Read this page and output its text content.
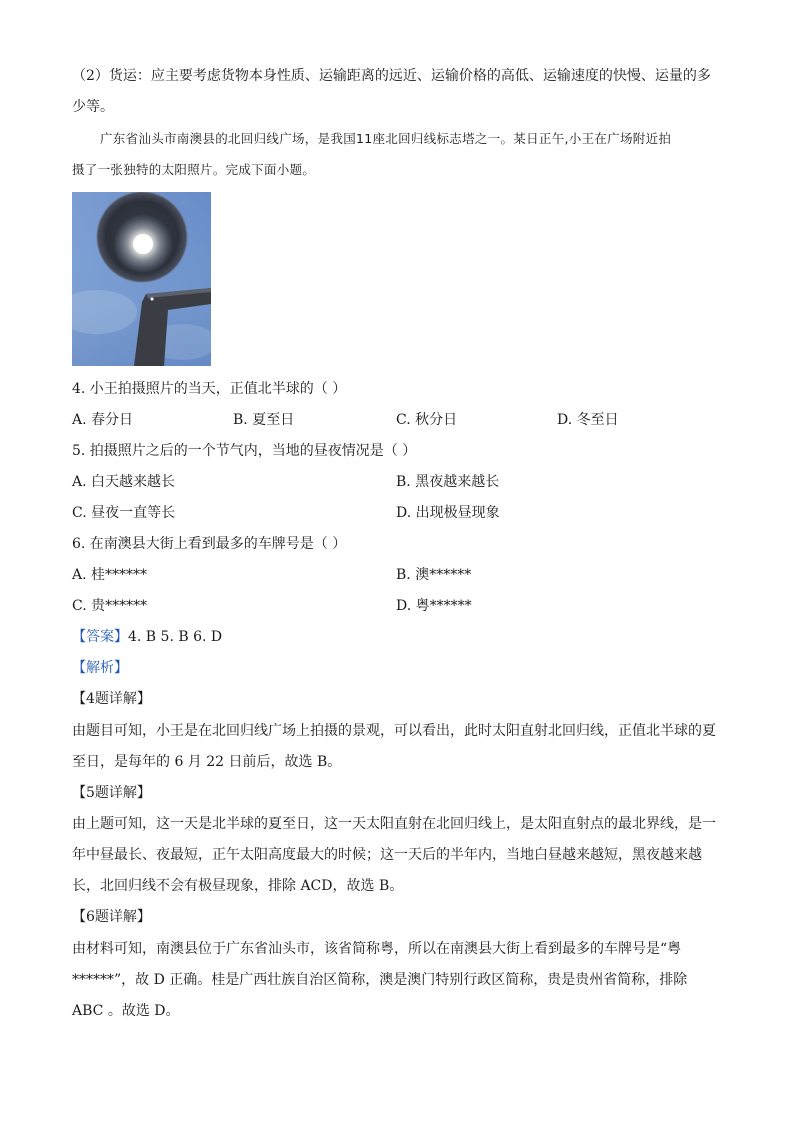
（2）货运：应主要考虑货物本身性质、运输距离的远近、运输价格的高低、运输速度的快慢、运量的多
少等。
广东省汕头市南澳县的北回归线广场，是我国11座北回归线标志塔之一。某日正午,小王在广场附近拍
摄了一张独特的太阳照片。完成下面小题。
4. 小王拍摄照片的当天，正值北半球的（ ）
A. 春分日	B. 夏至日	C. 秋分日	D. 冬至日
5. 拍摄照片之后的一个节气内，当地的昼夜情况是（ ）
A. 白天越来越长	B. 黑夜越来越长
C. 昼夜一直等长	D. 出现极昼现象
6. 在南澳县大街上看到最多的车牌号是（ ）
A. 桂******	B. 澳******
C. 贵******	D. 粤******
【答案】4. B 5. B 6. D
【解析】
【4题详解】
由题目可知，小王是在北回归线广场上拍摄的景观，可以看出，此时太阳直射北回归线，正值北半球的夏
至日，是每年的 6 月 22 日前后，故选 B。
【5题详解】
由上题可知，这一天是北半球的夏至日，这一天太阳直射在北回归线上，是太阳直射点的最北界线，是一
年中昼最长、夜最短，正午太阳高度最大的时候；这一天后的半年内，当地白昼越来越短，黑夜越来越
长，北回归线不会有极昼现象，排除 ACD，故选 B。
【6题详解】
由材料可知，南澳县位于广东省汕头市，该省简称粤，所以在南澳县大街上看到最多的车牌号是“粤
******”，故 D 正确。桂是广西壮族自治区简称，澳是澳门特别行政区简称，贵是贵州省简称，排除
ABC 。故选 D。
